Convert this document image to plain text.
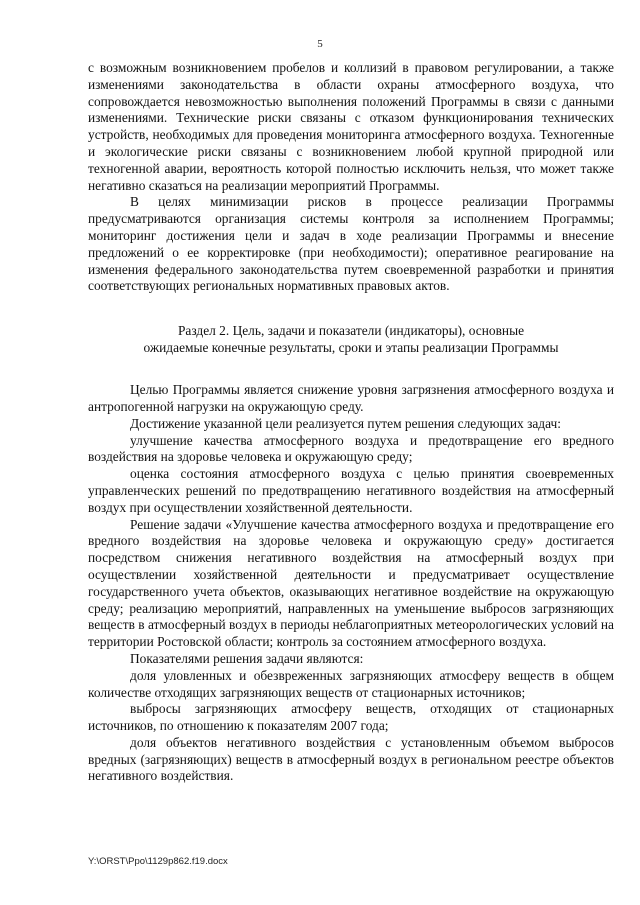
5

с возможным возникновением пробелов и коллизий в правовом регулировании, а также изменениями законодательства в области охраны атмосферного воздуха, что сопровождается невозможностью выполнения положений Программы в связи с данными изменениями. Технические риски связаны с отказом функционирования технических устройств, необходимых для проведения мониторинга атмосферного воздуха. Техногенные и экологические риски связаны с возникновением любой крупной природной или техногенной аварии, вероятность которой полностью исключить нельзя, что может также негативно сказаться на реализации мероприятий Программы.

В целях минимизации рисков в процессе реализации Программы предусматриваются организация системы контроля за исполнением Программы; мониторинг достижения цели и задач в ходе реализации Программы и внесение предложений о ее корректировке (при необходимости); оперативное реагирование на изменения федерального законодательства путем своевременной разработки и принятия соответствующих региональных нормативных правовых актов.

Раздел 2. Цель, задачи и показатели (индикаторы), основные
ожидаемые конечные результаты, сроки и этапы реализации Программы

Целью Программы является снижение уровня загрязнения атмосферного воздуха и антропогенной нагрузки на окружающую среду.

Достижение указанной цели реализуется путем решения следующих задач:

улучшение качества атмосферного воздуха и предотвращение его вредного воздействия на здоровье человека и окружающую среду;

оценка состояния атмосферного воздуха с целью принятия своевременных управленческих решений по предотвращению негативного воздействия на атмосферный воздух при осуществлении хозяйственной деятельности.

Решение задачи «Улучшение качества атмосферного воздуха и предотвращение его вредного воздействия на здоровье человека и окружающую среду» достигается посредством снижения негативного воздействия на атмосферный воздух при осуществлении хозяйственной деятельности и предусматривает осуществление государственного учета объектов, оказывающих негативное воздействие на окружающую среду; реализацию мероприятий, направленных на уменьшение выбросов загрязняющих веществ в атмосферный воздух в периоды неблагоприятных метеорологических условий на территории Ростовской области; контроль за состоянием атмосферного воздуха.

Показателями решения задачи являются:

доля уловленных и обезвреженных загрязняющих атмосферу веществ в общем количестве отходящих загрязняющих веществ от стационарных источников;

выбросы загрязняющих атмосферу веществ, отходящих от стационарных источников, по отношению к показателям 2007 года;

доля объектов негативного воздействия с установленным объемом выбросов вредных (загрязняющих) веществ в атмосферный воздух в региональном реестре объектов негативного воздействия.

Y:\ORST\Ppo\1129p862.f19.docx
